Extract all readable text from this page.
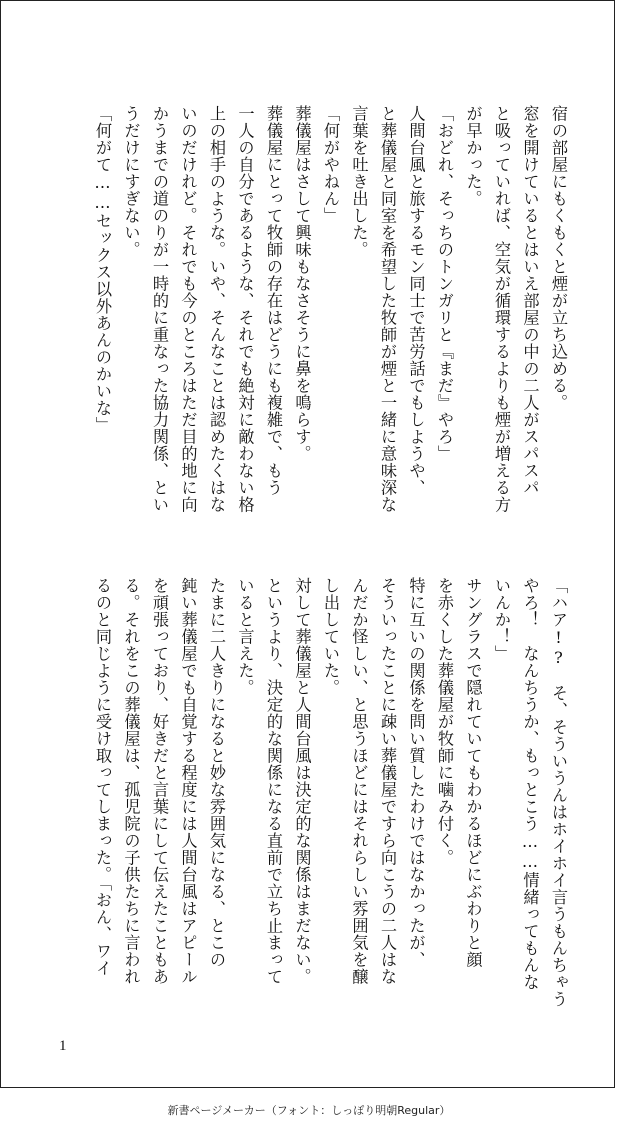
宿の部屋にもくもくと煙が立ち込める。
窓を開けているとはいえ部屋の中の二人がスパスパ
と吸っていれば、空気が循環するよりも煙が増える方
が早かった。
「おどれ、そっちのトンガリと『まだ』やろ」
人間台風と旅するモン同士で苦労話でもしようや、
と葬儀屋と同室を希望した牧師が煙と一緒に意味深な
言葉を吐き出した。
「何がやねん」
葬儀屋はさして興味もなさそうに鼻を鳴らす。
葬儀屋にとって牧師の存在はどうにも複雑で、もう
一人の自分であるような、それでも絶対に敵わない格
上の相手のような。いや、そんなことは認めたくはな
いのだけれど。それでも今のところはただ目的地に向
かうまでの道のりが一時的に重なった協力関係、とい
うだけにすぎない。
「何がて……セックス以外あんのかいな」
「ハア!?　そ、そういうんはホイホイ言うもんちゃう
やろ！　なんちうか、もっとこう……情緒ってもんな
いんか！」
サングラスで隠れていてもわかるほどにぶわりと顔
を赤くした葬儀屋が牧師に噛み付く。
特に互いの関係を問い質したわけではなかったが、
そういったことに疎い葬儀屋ですら向こうの二人はな
んだか怪しい、と思うほどにはそれらしい雰囲気を醸
し出していた。
対して葬儀屋と人間台風は決定的な関係はまだない。
というより、決定的な関係になる直前で立ち止まって
いると言えた。
たまに二人きりになると妙な雰囲気になる、とこの
鈍い葬儀屋でも自覚する程度には人間台風はアピール
を頑張っており、好きだと言葉にして伝えたこともあ
る。それをこの葬儀屋は、孤児院の子供たちに言われ
るのと同じように受け取ってしまった。「おん、ワイ
1
新書ページメーカー（フォント：しっぽり明朝Regular）
